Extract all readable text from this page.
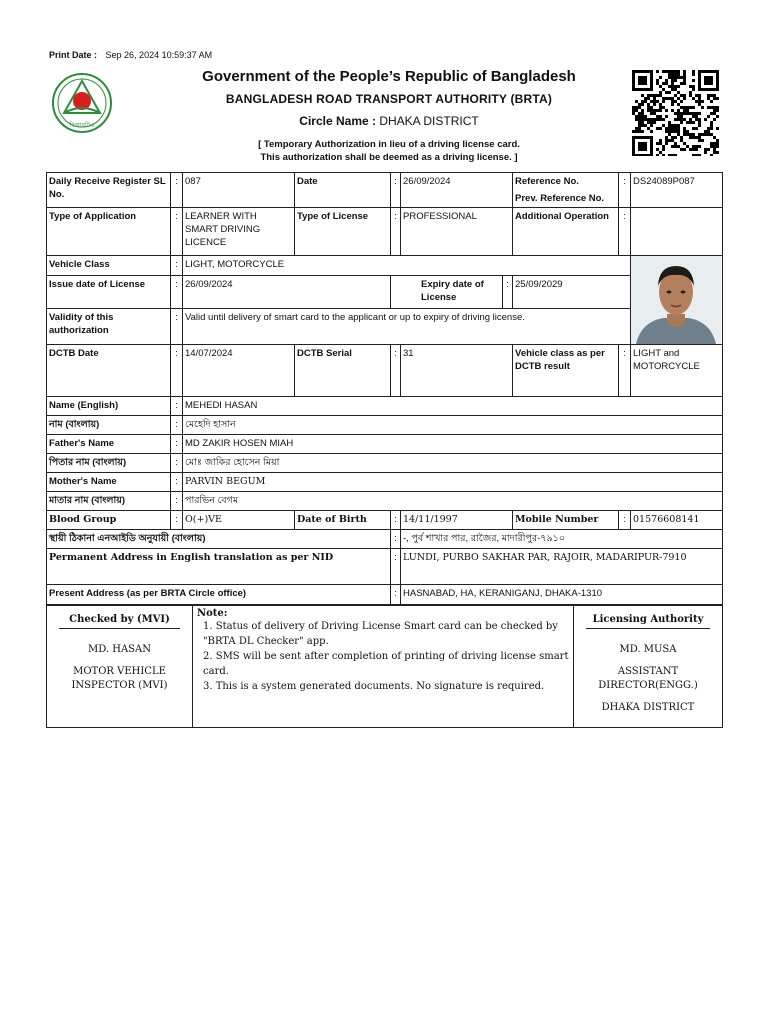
Print Date : Sep 26, 2024 10:59:37 AM
বিআরটিএ
Government of the People’s Republic of Bangladesh
BANGLADESH ROAD TRANSPORT AUTHORITY (BRTA)
Circle Name : DHAKA DISTRICT
[ Temporary Authorization in lieu of a driving license card.
This authorization shall be deemed as a driving license. ]
Daily Receive Register SL No.	:	087	Date	:	26/09/2024		Reference No.
Prev. Reference No.	:	DS24089P087
Type of Application	:	LEARNER WITH SMART DRIVING LICENCE	Type of License	:	PROFESSIONAL		Additional Operation	:	
Vehicle Class	:	LIGHT, MOTORCYCLE	

Issue date of License	:	26/09/2024		Expiry date of License		:	25/09/2029		
Validity of this authorization	:	Valid until delivery of smart card to the applicant or up to expiry of driving license.							
DCTB Date	:	14/07/2024	DCTB Serial	:	31		Vehicle class as per DCTB result	:	LIGHT and MOTORCYCLE
Name (English)	:	MEHEDI HASAN							
নাম (বাংলায়)	:	মেহেদি হাসান							
Father's Name	:	MD ZAKIR HOSEN MIAH							
পিতার নাম (বাংলায়)	:	মোঃ জাকির হোসেন মিয়া							
Mother's Name	:	PARVIN BEGUM							
মাতার নাম (বাংলায়)	:	পারভিন বেগম							
Blood Group	:	O(+)VE	Date of Birth	:	14/11/1997		Mobile Number	:	01576608141
স্থায়ী ঠিকানা এনআইডি অনুযায়ী (বাংলায়)				:	-, পুর্ব শাখার পার, রাজৈর, মাদারীপুর-৭৯১০				
Permanent Address in English translation as per NID				:	LUNDI, PURBO SAKHAR PAR, RAJOIR, MADARIPUR-7910				
Present Address (as per BRTA Circle office)				:	HASNABAD, HA, KERANIGANJ, DHAKA-1310				
Checked by (MVI)
MD. HASAN
MOTOR VEHICLE
INSPECTOR (MVI)

Note:
1. Status of delivery of Driving License Smart card can be checked by "BRTA DL Checker" app.
2. SMS will be sent after completion of printing of driving license smart card.
3. This is a system generated documents. No signature is required.

Licensing Authority
MD. MUSA
ASSISTANT
DIRECTOR(ENGG.)
DHAKA DISTRICT
